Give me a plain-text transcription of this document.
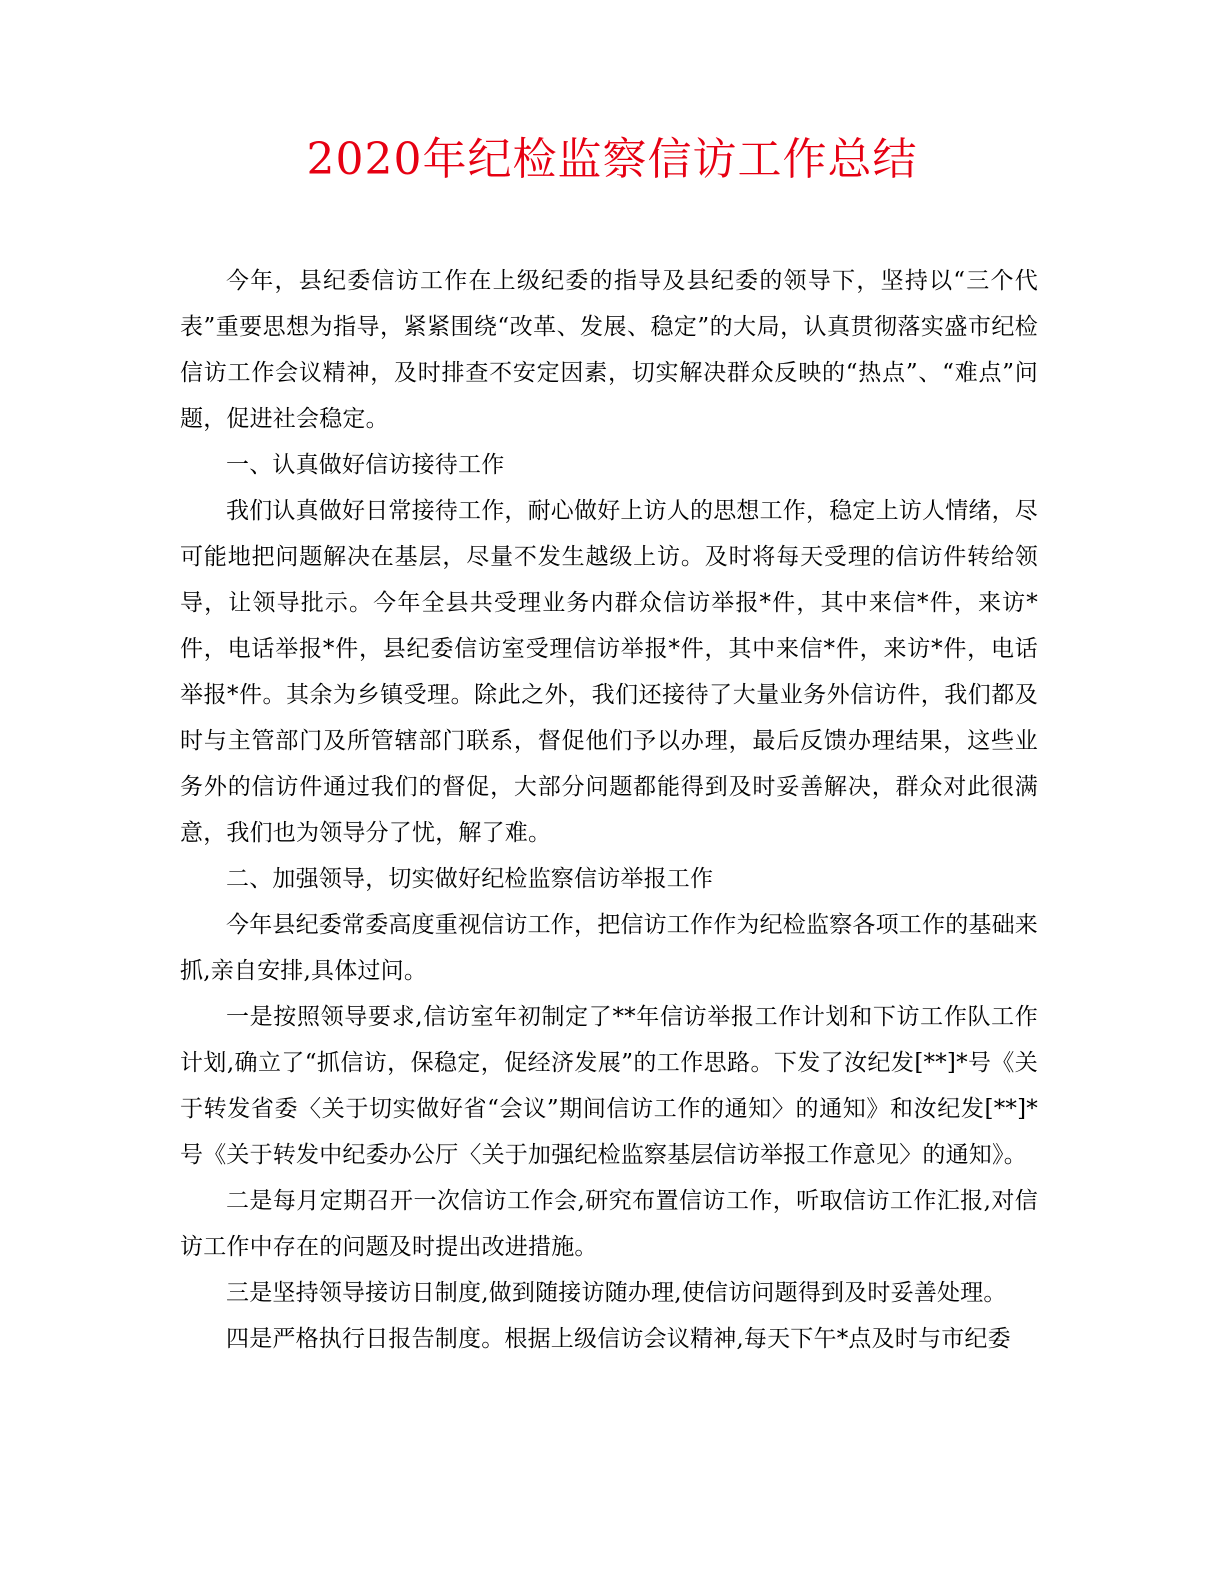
2020年纪检监察信访工作总结

今年，县纪委信访工作在上级纪委的指导及县纪委的领导下，坚持以“三个代表”重要思想为指导，紧紧围绕“改革、发展、稳定”的大局，认真贯彻落实盛市纪检信访工作会议精神，及时排查不安定因素，切实解决群众反映的“热点”、“难点”问题，促进社会稳定。

一、认真做好信访接待工作

我们认真做好日常接待工作，耐心做好上访人的思想工作，稳定上访人情绪，尽可能地把问题解决在基层，尽量不发生越级上访。及时将每天受理的信访件转给领导，让领导批示。今年全县共受理业务内群众信访举报*件，其中来信*件，来访*件，电话举报*件，县纪委信访室受理信访举报*件，其中来信*件，来访*件，电话举报*件。其余为乡镇受理。除此之外，我们还接待了大量业务外信访件，我们都及时与主管部门及所管辖部门联系，督促他们予以办理，最后反馈办理结果，这些业务外的信访件通过我们的督促，大部分问题都能得到及时妥善解决，群众对此很满意，我们也为领导分了忧，解了难。

二、加强领导，切实做好纪检监察信访举报工作

今年县纪委常委高度重视信访工作，把信访工作作为纪检监察各项工作的基础来抓,亲自安排,具体过问。

一是按照领导要求,信访室年初制定了**年信访举报工作计划和下访工作队工作计划,确立了“抓信访，保稳定，促经济发展”的工作思路。下发了汝纪发[**]*号《关于转发省委〈关于切实做好省“会议”期间信访工作的通知〉的通知》和汝纪发[**]*号《关于转发中纪委办公厅〈关于加强纪检监察基层信访举报工作意见〉的通知》。

二是每月定期召开一次信访工作会,研究布置信访工作，听取信访工作汇报,对信访工作中存在的问题及时提出改进措施。

三是坚持领导接访日制度,做到随接访随办理,使信访问题得到及时妥善处理。

四是严格执行日报告制度。根据上级信访会议精神,每天下午*点及时与市纪委
